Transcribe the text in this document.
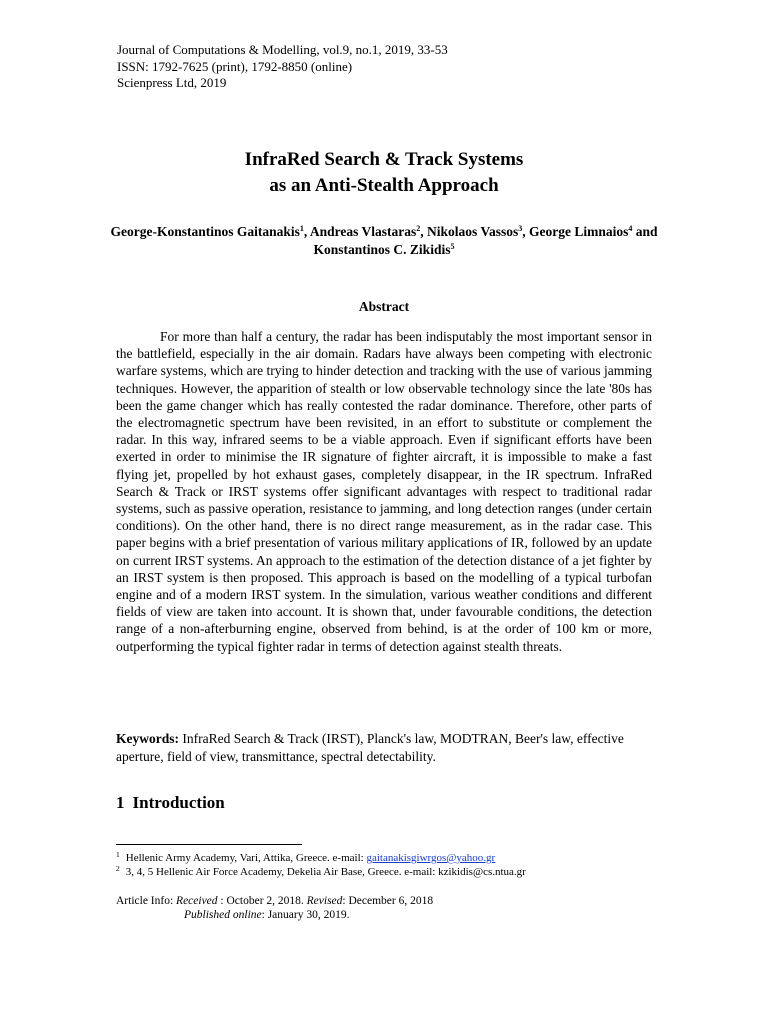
Journal of Computations & Modelling, vol.9, no.1, 2019, 33-53
ISSN: 1792-7625 (print), 1792-8850 (online)
Scienpress Ltd, 2019
InfraRed Search & Track Systems
as an Anti-Stealth Approach
George-Konstantinos Gaitanakis$^1$, Andreas Vlastaras$^2$, Nikolaos Vassos$^3$, George Limnaios$^4$ and Konstantinos C. Zikidis$^5$
Abstract

For more than half a century, the radar has been indisputably the most important sensor in the battlefield, especially in the air domain. Radars have always been competing with electronic warfare systems, which are trying to hinder detection and tracking with the use of various jamming techniques. However, the apparition of stealth or low observable technology since the late '80s has been the game changer which has really contested the radar dominance. Therefore, other parts of the electromagnetic spectrum have been revisited, in an effort to substitute or complement the radar. In this way, infrared seems to be a viable approach. Even if significant efforts have been exerted in order to minimise the IR signature of fighter aircraft, it is impossible to make a fast flying jet, propelled by hot exhaust gases, completely disappear, in the IR spectrum. InfraRed Search & Track or IRST systems offer significant advantages with respect to traditional radar systems, such as passive operation, resistance to jamming, and long detection ranges (under certain conditions). On the other hand, there is no direct range measurement, as in the radar case. This paper begins with a brief presentation of various military applications of IR, followed by an update on current IRST systems. An approach to the estimation of the detection distance of a jet fighter by an IRST system is then proposed. This approach is based on the modelling of a typical turbofan engine and of a modern IRST system. In the simulation, various weather conditions and different fields of view are taken into account. It is shown that, under favourable conditions, the detection range of a non-afterburning engine, observed from behind, is at the order of 100 km or more, outperforming the typical fighter radar in terms of detection against stealth threats.

Keywords: InfraRed Search & Track (IRST), Planck's law, MODTRAN, Beer's law, effective aperture, field of view, transmittance, spectral detectability.

1 Introduction
$^1$ Hellenic Army Academy, Vari, Attika, Greece. e-mail: gaitanakisgiwrgos@yahoo.gr
$^2$ 3, 4, 5 Hellenic Air Force Academy, Dekelia Air Base, Greece. e-mail: kzikidis@cs.ntua.gr
Article Info: Received : October 2, 2018. Revised: December 6, 2018
Published online: January 30, 2019.
